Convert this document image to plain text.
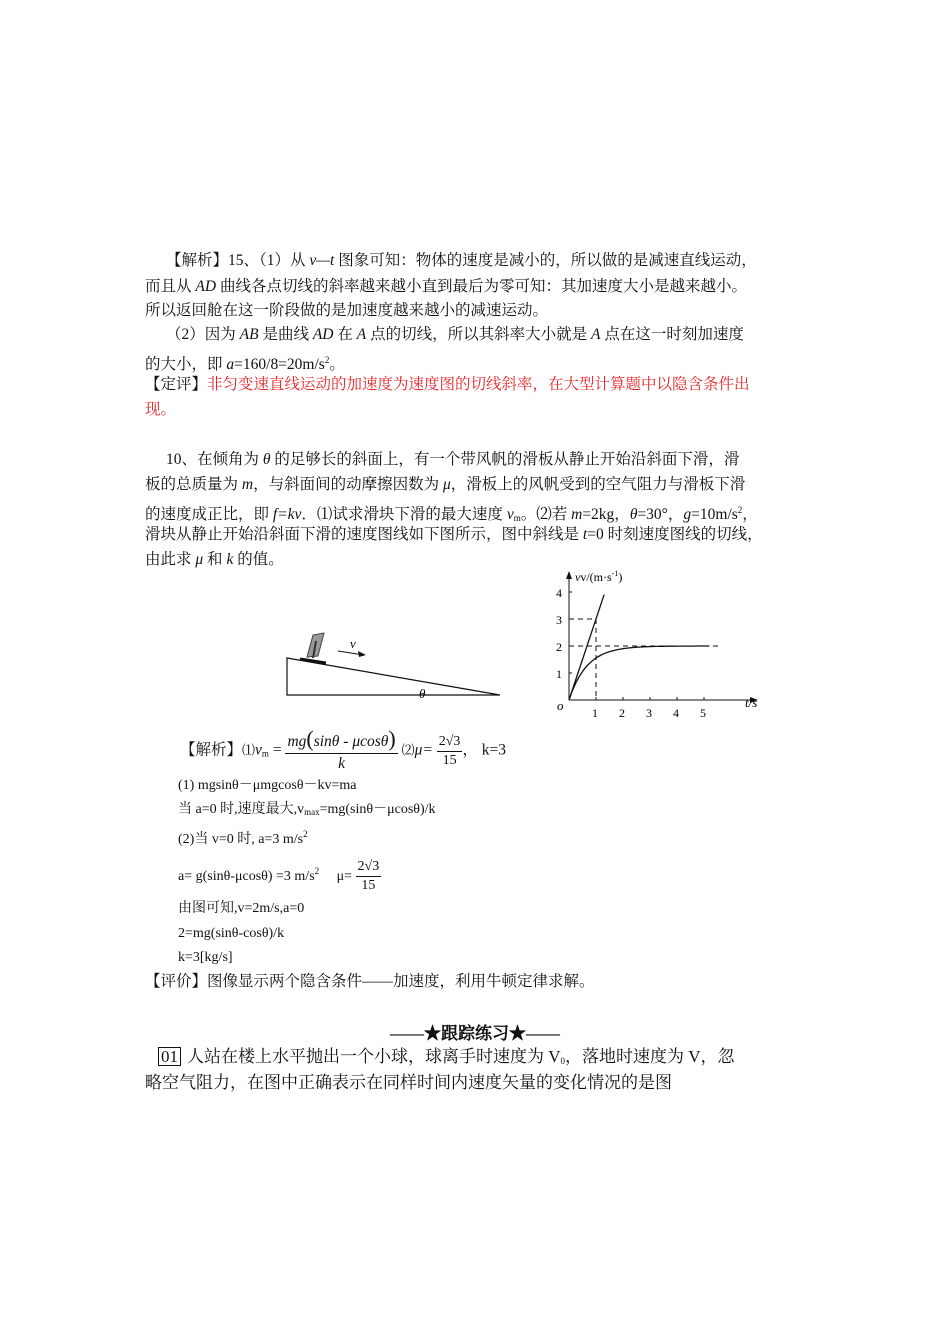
【解析】15、（1）从 v—t 图象可知：物体的速度是减小的，所以做的是减速直线运动，
而且从 AD 曲线各点切线的斜率越来越小直到最后为零可知：其加速度大小是越来越小。
所以返回舱在这一阶段做的是加速度越来越小的减速运动。
（2）因为 AB 是曲线 AD 在 A 点的切线，所以其斜率大小就是 A 点在这一时刻加速度
的大小，即 $a=160/8=20m/s^2$。
【定评】非匀变速直线运动的加速度为速度图的切线斜率，在大型计算题中以隐含条件出
现。
10、在倾角为 θ 的足够长的斜面上，有一个带风帆的滑板从静止开始沿斜面下滑，滑
板的总质量为 m，与斜面间的动摩擦因数为 μ，滑板上的风帆受到的空气阻力与滑板下滑
的速度成正比，即 f=kv．⑴试求滑块下滑的最大速度 $v_m$。⑵若 m=2kg，θ=30°，$g=10m/s^2$，
滑块从静止开始沿斜面下滑的速度图线如下图所示，图中斜线是 t=0 时刻速度图线的切线，
由此求 μ 和 k 的值。
v
θ
$vv/(m\cdot s^{-1})$
t/s
o
1
2
3
4
1 2 3 4 5
【解析】$⑴v_m = \frac{mg(\sin\theta - \mu\cos\theta)}{k}$ ⑵μ= $\frac{2√3}{15}$ ， k=3
(1) mgsinθ－μmgcosθ－kv=ma
当 a=0 时,速度最大$,v_{max}=mg(\sin\theta-\mu\cos\theta)/k$
(2)当 v=0 时, a=3 $m/s^2$
a= g(sinθ-μcosθ) =3 $m/s^2$ $\mu= \frac{2√3}{15}$
由图可知,v=2m/s,a=0
2=mg(sinθ-cosθ)/k
k=3[kg/s]
【评价】图像显示两个隐含条件——加速度，利用牛顿定律求解。
——★跟踪练习★——
01 人站在楼上水平抛出一个小球，球离手时速度为 $V_0$，落地时速度为 V，忽
略空气阻力，在图中正确表示在同样时间内速度矢量的变化情况的是图
